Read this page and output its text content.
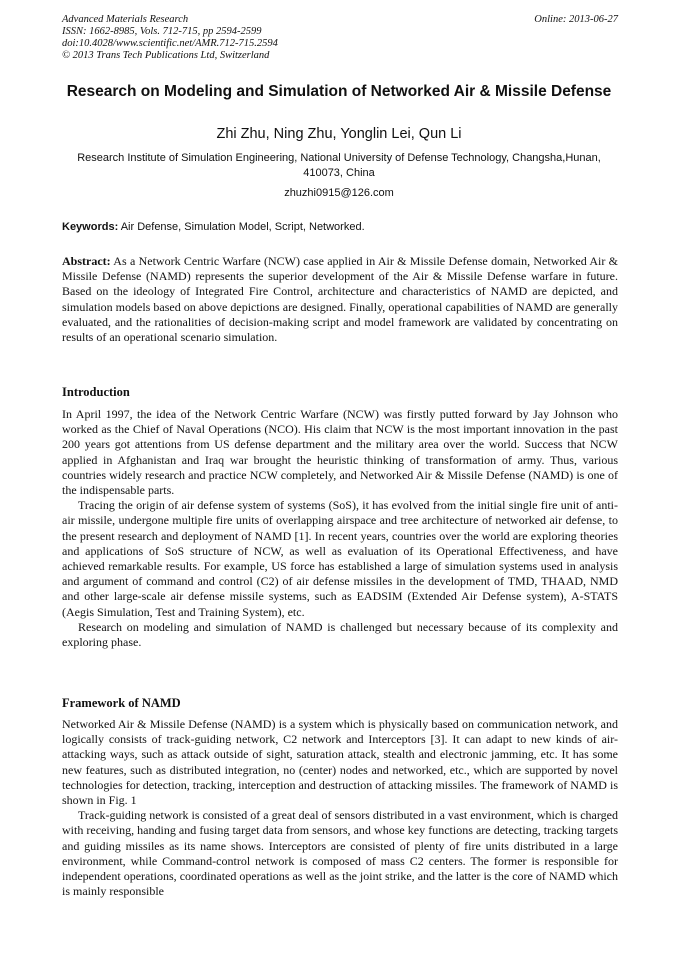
Advanced Materials Research
ISSN: 1662-8985, Vols. 712-715, pp 2594-2599
doi:10.4028/www.scientific.net/AMR.712-715.2594
© 2013 Trans Tech Publications Ltd, Switzerland
Online: 2013-06-27
Research on Modeling and Simulation of Networked Air & Missile Defense
Zhi Zhu, Ning Zhu, Yonglin Lei, Qun Li
Research Institute of Simulation Engineering, National University of Defense Technology, Changsha,Hunan, 410073, China
zhuzhi0915@126.com
Keywords: Air Defense, Simulation Model, Script, Networked.
Abstract: As a Network Centric Warfare (NCW) case applied in Air & Missile Defense domain, Networked Air & Missile Defense (NAMD) represents the superior development of the Air & Missile Defense warfare in future. Based on the ideology of Integrated Fire Control, architecture and characteristics of NAMD are depicted, and simulation models based on above depictions are designed. Finally, operational capabilities of NAMD are generally evaluated, and the rationalities of decision-making script and model framework are validated by concentrating on results of an operational scenario simulation.
Introduction

In April 1997, the idea of the Network Centric Warfare (NCW) was firstly putted forward by Jay Johnson who worked as the Chief of Naval Operations (NCO). His claim that NCW is the most important innovation in the past 200 years got attentions from US defense department and the military area over the world. Success that NCW applied in Afghanistan and Iraq war brought the heuristic thinking of transformation of army. Thus, various countries widely research and practice NCW completely, and Networked Air & Missile Defense (NAMD) is one of the indispensable parts.

Tracing the origin of air defense system of systems (SoS), it has evolved from the initial single fire unit of anti-air missile, undergone multiple fire units of overlapping airspace and tree architecture of networked air defense, to the present research and deployment of NAMD [1]. In recent years, countries over the world are exploring theories and applications of SoS structure of NCW, as well as evaluation of its Operational Effectiveness, and have achieved remarkable results. For example, US force has established a large of simulation systems used in analysis and argument of command and control (C2) of air defense missiles in the development of TMD, THAAD, NMD and other large-scale air defense missile systems, such as EADSIM (Extended Air Defense system), A-STATS (Aegis Simulation, Test and Training System), etc.

Research on modeling and simulation of NAMD is challenged but necessary because of its complexity and exploring phase.

Framework of NAMD

Networked Air & Missile Defense (NAMD) is a system which is physically based on communication network, and logically consists of track-guiding network, C2 network and Interceptors [3]. It can adapt to new kinds of air-attacking ways, such as attack outside of sight, saturation attack, stealth and electronic jamming, etc. It has some new features, such as distributed integration, no (center) nodes and networked, etc., which are supported by novel technologies for detection, tracking, interception and destruction of attacking missiles. The framework of NAMD is shown in Fig. 1

Track-guiding network is consisted of a great deal of sensors distributed in a vast environment, which is charged with receiving, handing and fusing target data from sensors, and whose key functions are detecting, tracking targets and guiding missiles as its name shows. Interceptors are consisted of plenty of fire units distributed in a large environment, while Command-control network is composed of mass C2 centers. The former is responsible for independent operations, coordinated operations as well as the joint strike, and the latter is the core of NAMD which is mainly responsible
